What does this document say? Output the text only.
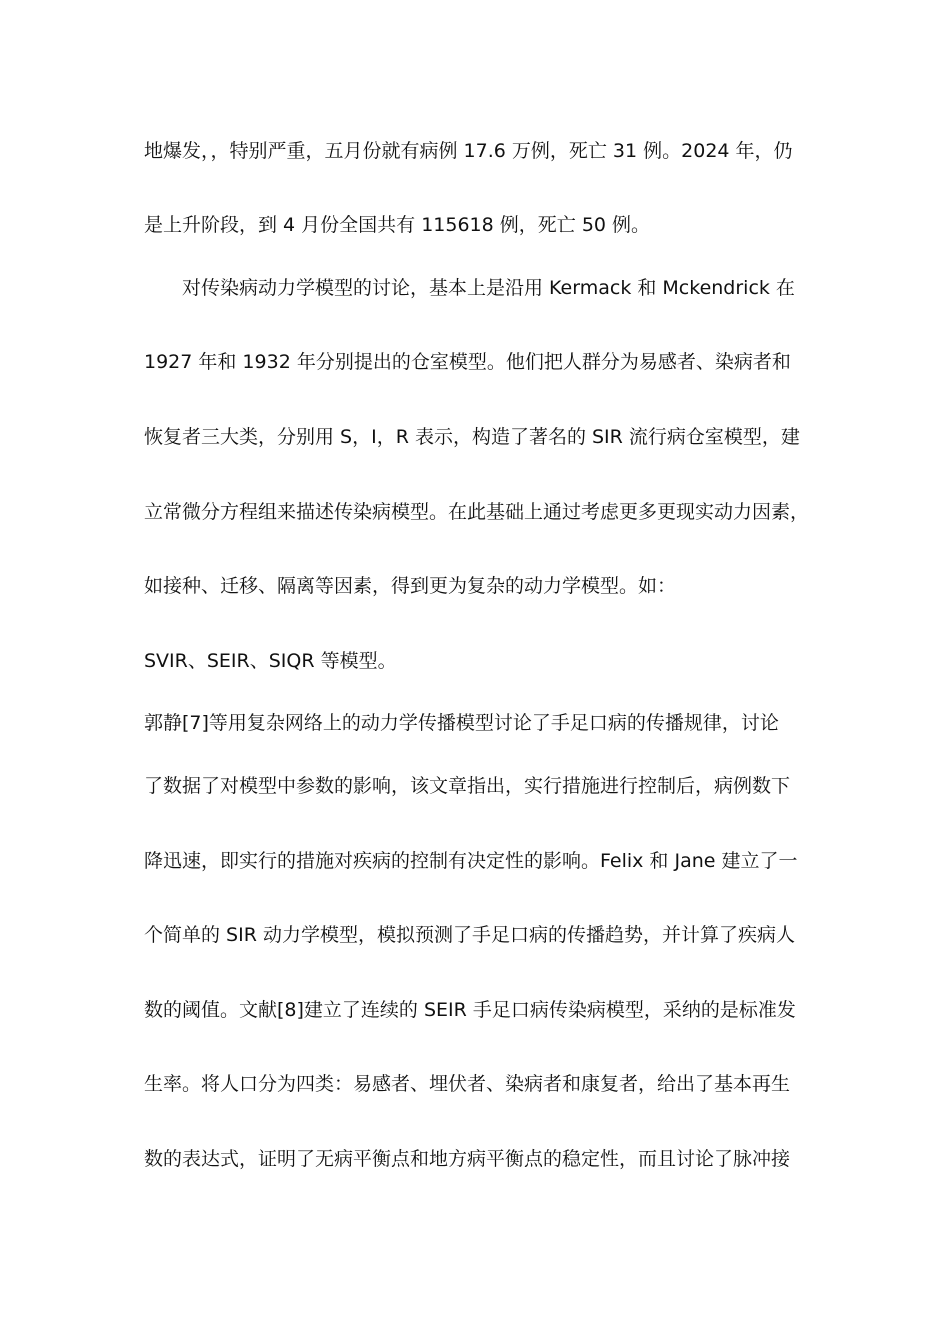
地爆发，，特别严重，五月份就有病例 17.6 万例，死亡 31 例。2024 年，仍
是上升阶段，到 4 月份全国共有 115618 例，死亡 50 例。
对传染病动力学模型的讨论，基本上是沿用 Kermack 和 Mckendrick 在
1927 年和 1932 年分别提出的仓室模型。他们把人群分为易感者、染病者和
恢复者三大类，分别用 S，I，R 表示，构造了著名的 SIR 流行病仓室模型，建
立常微分方程组来描述传染病模型。在此基础上通过考虑更多更现实动力因素，
如接种、迁移、隔离等因素，得到更为复杂的动力学模型。如：
SVIR、SEIR、SIQR 等模型。
郭静[7]等用复杂网络上的动力学传播模型讨论了手足口病的传播规律，讨论
了数据了对模型中参数的影响，该文章指出，实行措施进行控制后，病例数下
降迅速，即实行的措施对疾病的控制有决定性的影响。Felix 和 Jane 建立了一
个简单的 SIR 动力学模型，模拟预测了手足口病的传播趋势，并计算了疾病人
数的阈值。文献[8]建立了连续的 SEIR 手足口病传染病模型，采纳的是标准发
生率。将人口分为四类：易感者、埋伏者、染病者和康复者，给出了基本再生
数的表达式，证明了无病平衡点和地方病平衡点的稳定性，而且讨论了脉冲接
